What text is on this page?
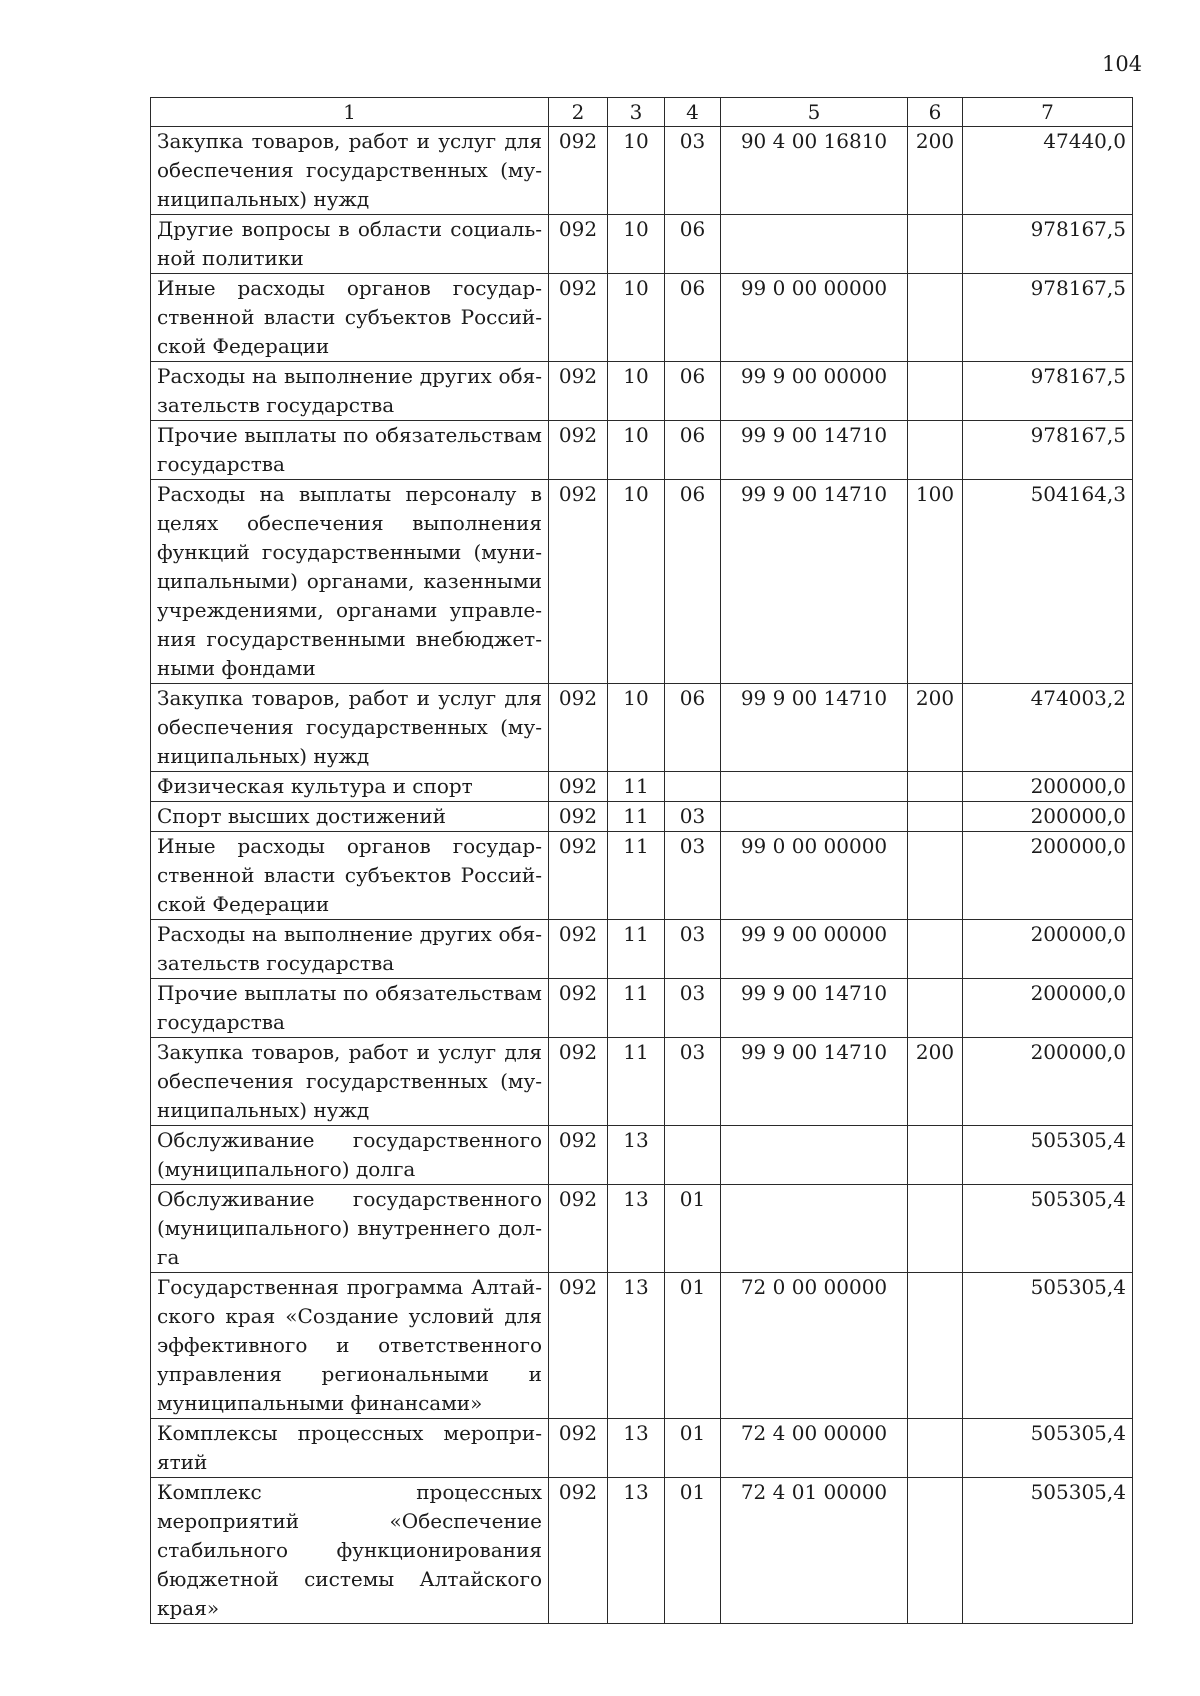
104
1	2	3	4	5	6	7
Закупка товаров, работ и услуг для обеспечения государственных (муниципальных) нужд	092	10	03	90 4 00 16810	200	47440,0
Другие вопросы в области социальной политики	092	10	06			978167,5
Иные расходы органов государственной власти субъектов Российской Федерации	092	10	06	99 0 00 00000		978167,5
Расходы на выполнение других обязательств государства	092	10	06	99 9 00 00000		978167,5
Прочие выплаты по обязательствам государства	092	10	06	99 9 00 14710		978167,5
Расходы на выплаты персоналу в целях обеспечения выполнения функций государственными (муниципальными) органами, казенными учреждениями, органами управления государственными внебюджетными фондами	092	10	06	99 9 00 14710	100	504164,3
Закупка товаров, работ и услуг для обеспечения государственных (муниципальных) нужд	092	10	06	99 9 00 14710	200	474003,2
Физическая культура и спорт	092	11				200000,0
Спорт высших достижений	092	11	03			200000,0
Иные расходы органов государственной власти субъектов Российской Федерации	092	11	03	99 0 00 00000		200000,0
Расходы на выполнение других обязательств государства	092	11	03	99 9 00 00000		200000,0
Прочие выплаты по обязательствам государства	092	11	03	99 9 00 14710		200000,0
Закупка товаров, работ и услуг для обеспечения государственных (муниципальных) нужд	092	11	03	99 9 00 14710	200	200000,0
Обслуживание государственного (муниципального) долга	092	13				505305,4
Обслуживание государственного (муниципального) внутреннего долга	092	13	01			505305,4
Государственная программа Алтайского края «Создание условий для эффективного и ответственного управления региональными и муниципальными финансами»	092	13	01	72 0 00 00000		505305,4
Комплексы процессных мероприятий	092	13	01	72 4 00 00000		505305,4
Комплекс процессных мероприятий «Обеспечение стабильного функционирования бюджетной системы Алтайского края»	092	13	01	72 4 01 00000		505305,4
